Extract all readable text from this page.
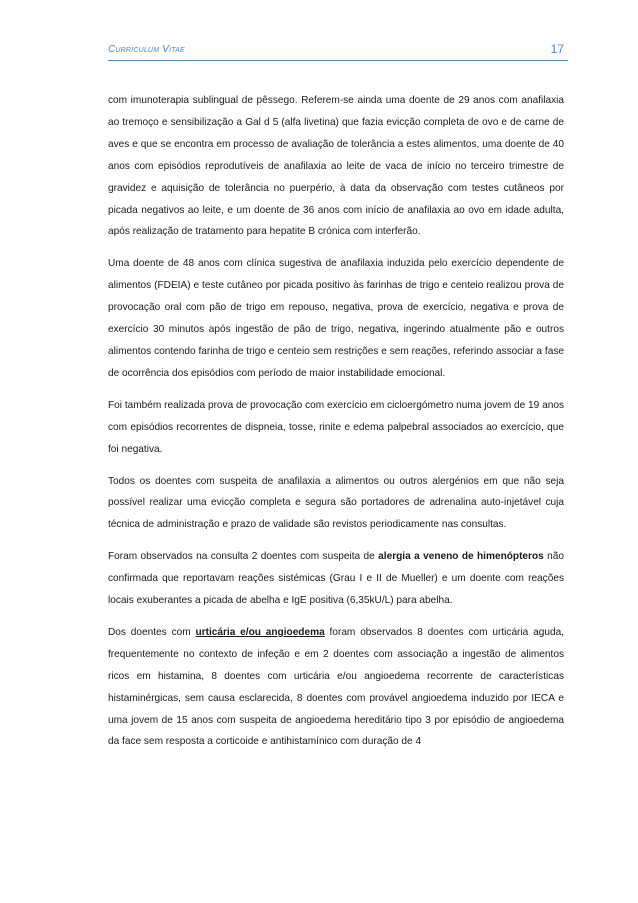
Curriculum Vitae	17

com imunoterapia sublingual de pêssego. Referem-se ainda uma doente de 29 anos com anafilaxia ao tremoço e sensibilização a Gal d 5 (alfa livetina) que fazia evicção completa de ovo e de carne de aves e que se encontra em processo de avaliação de tolerância a estes alimentos, uma doente de 40 anos com episódios reprodutíveis de anafilaxia ao leite de vaca de início no terceiro trimestre de gravidez e aquisição de tolerância no puerpério, à data da observação com testes cutâneos por picada negativos ao leite, e um doente de 36 anos com início de anafilaxia ao ovo em idade adulta, após realização de tratamento para hepatite B crónica com interferão.

Uma doente de 48 anos com clínica sugestiva de anafilaxia induzida pelo exercício dependente de alimentos (FDEIA) e teste cutâneo por picada positivo às farinhas de trigo e centeio realizou prova de provocação oral com pão de trigo em repouso, negativa, prova de exercício, negativa e prova de exercício 30 minutos após ingestão de pão de trigo, negativa, ingerindo atualmente pão e outros alimentos contendo farinha de trigo e centeio sem restrições e sem reações, referindo associar a fase de ocorrência dos episódios com período de maior instabilidade emocional.

Foi também realizada prova de provocação com exercício em cicloergómetro numa jovem de 19 anos com episódios recorrentes de dispneia, tosse, rinite e edema palpebral associados ao exercício, que foi negativa.

Todos os doentes com suspeita de anafilaxia a alimentos ou outros alergénios em que não seja possível realizar uma evicção completa e segura são portadores de adrenalina auto-injetável cuja técnica de administração e prazo de validade são revistos periodicamente nas consultas.

Foram observados na consulta 2 doentes com suspeita de alergia a veneno de himenópteros não confirmada que reportavam reações sistémicas (Grau I e II de Mueller) e um doente com reações locais exuberantes a picada de abelha e IgE positiva (6,35kU/L) para abelha.

Dos doentes com urticária e/ou angioedema foram observados 8 doentes com urticária aguda, frequentemente no contexto de infeção e em 2 doentes com associação a ingestão de alimentos ricos em histamina, 8 doentes com urticária e/ou angioedema recorrente de características histaminérgicas, sem causa esclarecida, 8 doentes com provável angioedema induzido por IECA e uma jovem de 15 anos com suspeita de angioedema hereditário tipo 3 por episódio de angioedema da face sem resposta a corticoide e antihistamínico com duração de 4
